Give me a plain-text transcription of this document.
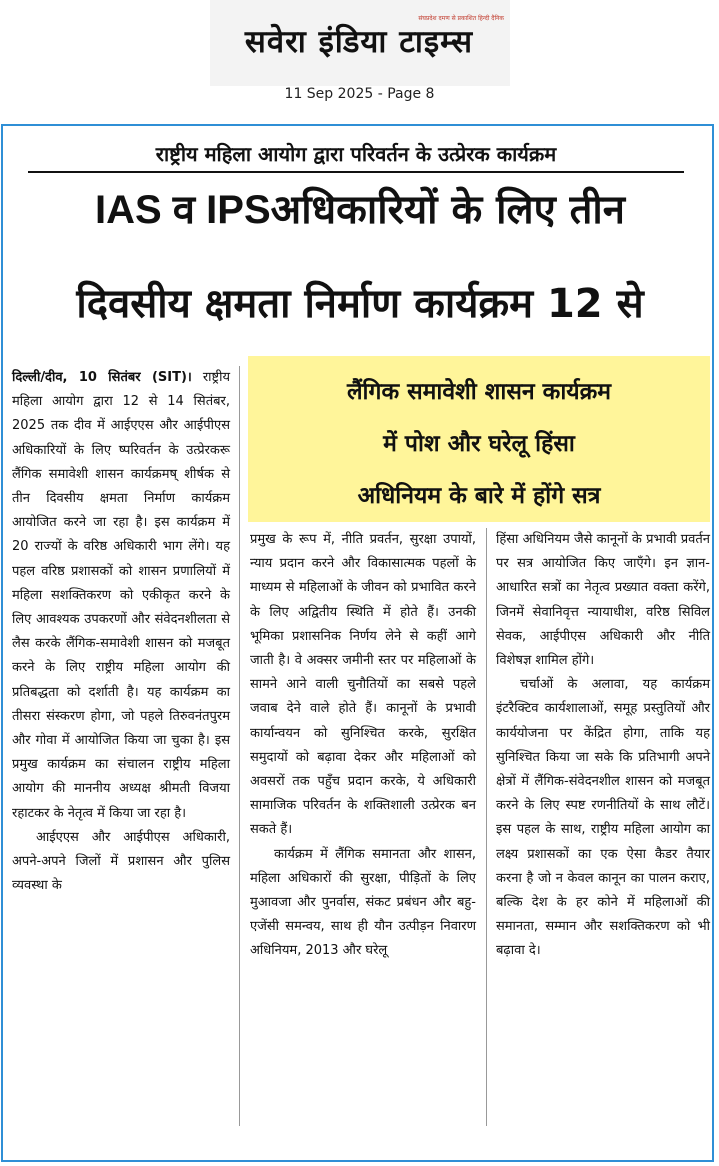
संघप्रदेश दमण से प्रकाशित हिन्दी दैनिक
सवेरा इंडिया टाइम्स
11 Sep 2025 - Page 8
राष्ट्रीय महिला आयोग द्वारा परिवर्तन के उत्प्रेरक कार्यक्रम
IAS व IPSअधिकारियों के लिए तीन
दिवसीय क्षमता निर्माण कार्यक्रम 12 से
लैंगिक समावेशी शासन कार्यक्रम
में पोश और घरेलू हिंसा
अधिनियम के बारे में होंगे सत्र

दिल्ली/दीव, 10 सितंबर (SIT)। राष्ट्रीय महिला आयोग द्वारा 12 से 14 सितंबर, 2025 तक दीव में आईएएस और आईपीएस अधिकारियों के लिए ष्परिवर्तन के उत्प्रेरकरू लैंगिक समावेशी शासन कार्यक्रमष् शीर्षक से तीन दिवसीय क्षमता निर्माण कार्यक्रम आयोजित करने जा रहा है। इस कार्यक्रम में 20 राज्यों के वरिष्ठ अधिकारी भाग लेंगे। यह पहल वरिष्ठ प्रशासकों को शासन प्रणालियों में महिला सशक्तिकरण को एकीकृत करने के लिए आवश्यक उपकरणों और संवेदनशीलता से लैस करके लैंगिक-समावेशी शासन को मजबूत करने के लिए राष्ट्रीय महिला आयोग की प्रतिबद्धता को दर्शाती है। यह कार्यक्रम का तीसरा संस्करण होगा, जो पहले तिरुवनंतपुरम और गोवा में आयोजित किया जा चुका है। इस प्रमुख कार्यक्रम का संचालन राष्ट्रीय महिला आयोग की माननीय अध्यक्ष श्रीमती विजया रहाटकर के नेतृत्व में किया जा रहा है।

आईएएस और आईपीएस अधिकारी, अपने-अपने जिलों में प्रशासन और पुलिस व्यवस्था के

प्रमुख के रूप में, नीति प्रवर्तन, सुरक्षा उपायों, न्याय प्रदान करने और विकासात्मक पहलों के माध्यम से महिलाओं के जीवन को प्रभावित करने के लिए अद्वितीय स्थिति में होते हैं। उनकी भूमिका प्रशासनिक निर्णय लेने से कहीं आगे जाती है। वे अक्सर जमीनी स्तर पर महिलाओं के सामने आने वाली चुनौतियों का सबसे पहले जवाब देने वाले होते हैं। कानूनों के प्रभावी कार्यान्वयन को सुनिश्चित करके, सुरक्षित समुदायों को बढ़ावा देकर और महिलाओं को अवसरों तक पहुँच प्रदान करके, ये अधिकारी सामाजिक परिवर्तन के शक्तिशाली उत्प्रेरक बन सकते हैं।

कार्यक्रम में लैंगिक समानता और शासन, महिला अधिकारों की सुरक्षा, पीड़ितों के लिए मुआवजा और पुनर्वास, संकट प्रबंधन और बहु-एजेंसी समन्वय, साथ ही यौन उत्पीड़न निवारण अधिनियम, 2013 और घरेलू

हिंसा अधिनियम जैसे कानूनों के प्रभावी प्रवर्तन पर सत्र आयोजित किए जाएँगे। इन ज्ञान-आधारित सत्रों का नेतृत्व प्रख्यात वक्ता करेंगे, जिनमें सेवानिवृत्त न्यायाधीश, वरिष्ठ सिविल सेवक, आईपीएस अधिकारी और नीति विशेषज्ञ शामिल होंगे।

चर्चाओं के अलावा, यह कार्यक्रम इंटरैक्टिव कार्यशालाओं, समूह प्रस्तुतियों और कार्ययोजना पर केंद्रित होगा, ताकि यह सुनिश्चित किया जा सके कि प्रतिभागी अपने क्षेत्रों में लैंगिक-संवेदनशील शासन को मजबूत करने के लिए स्पष्ट रणनीतियों के साथ लौटें। इस पहल के साथ, राष्ट्रीय महिला आयोग का लक्ष्य प्रशासकों का एक ऐसा कैडर तैयार करना है जो न केवल कानून का पालन कराए, बल्कि देश के हर कोने में महिलाओं की समानता, सम्मान और सशक्तिकरण को भी बढ़ावा दे।
